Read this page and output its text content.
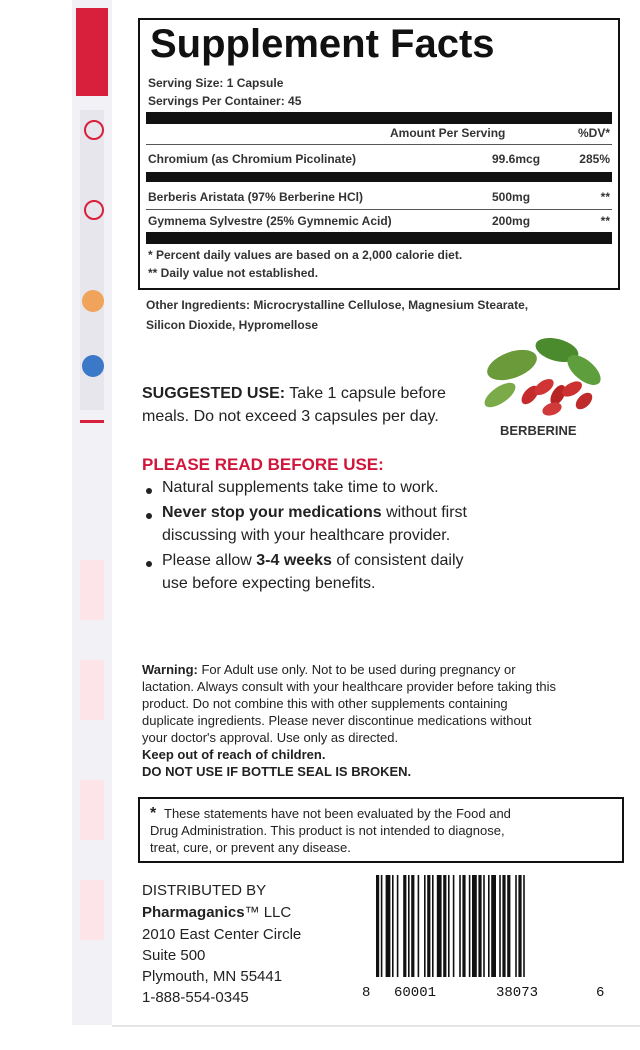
Supplement Facts
Serving Size: 1 Capsule
Servings Per Container: 45
Amount Per Serving	%DV*
Chromium (as Chromium Picolinate)	99.6mcg	285%
Berberis Aristata (97% Berberine HCl)	500mg	**
Gymnema Sylvestre (25% Gymnemic Acid)	200mg	**
* Percent daily values are based on a 2,000 calorie diet.
** Daily value not established.
Other Ingredients: Microcrystalline Cellulose, Magnesium Stearate,
Silicon Dioxide, Hypromellose
BERBERINE
SUGGESTED USE: Take 1 capsule before
meals. Do not exceed 3 capsules per day.
PLEASE READ BEFORE USE:
Natural supplements take time to work.
Never stop your medications without first
discussing with your healthcare provider.
Please allow 3-4 weeks of consistent daily
use before expecting benefits.
Warning: For Adult use only. Not to be used during pregnancy or
lactation. Always consult with your healthcare provider before taking this
product. Do not combine this with other supplements containing
duplicate ingredients. Please never discontinue medications without
your doctor's approval. Use only as directed.
Keep out of reach of children.
DO NOT USE IF BOTTLE SEAL IS BROKEN.
* These statements have not been evaluated by the Food and
Drug Administration. This product is not intended to diagnose,
treat, cure, or prevent any disease.
DISTRIBUTED BY
Pharmaganics™ LLC
2010 East Center Circle
Suite 500
Plymouth, MN 55441
1-888-554-0345	8 60001	38073	6
